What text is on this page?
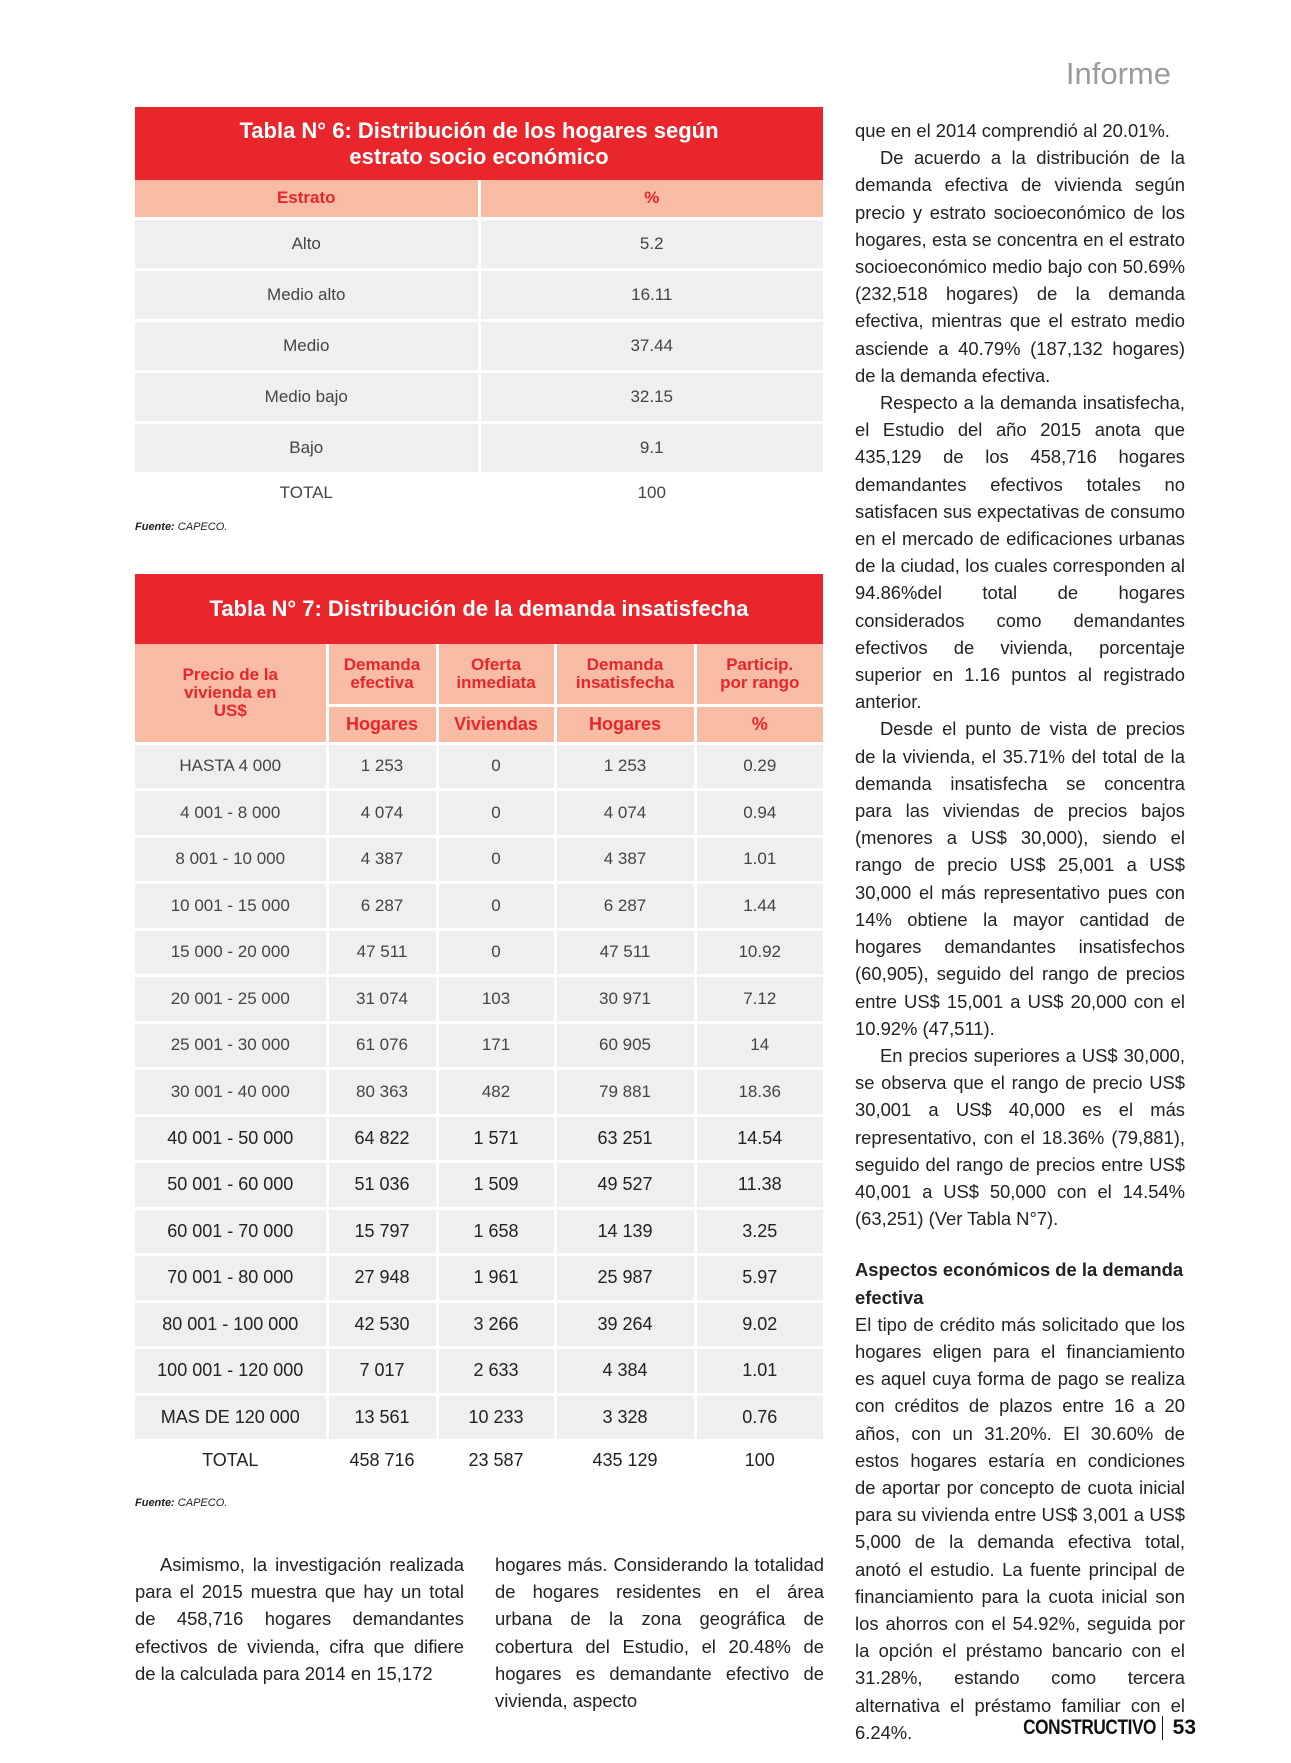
Informe
Tabla N° 6: Distribución de los hogares según
estrato socio económico
Estrato	%
Alto	5.2
Medio alto	16.11
Medio	37.44
Medio bajo	32.15
Bajo	9.1
TOTAL	100
Fuente: CAPECO.
Tabla N° 7: Distribución de la demanda insatisfecha
Precio de la vivienda en US$	Demanda efectiva	Oferta inmediata	Demanda insatisfecha	Particip. por rango
	Hogares	Viviendas	Hogares	%
HASTA 4 000	1 253	0	1 253	0.29
4 001 - 8 000	4 074	0	4 074	0.94
8 001 - 10 000	4 387	0	4 387	1.01
10 001 - 15 000	6 287	0	6 287	1.44
15 000 - 20 000	47 511	0	47 511	10.92
20 001 - 25 000	31 074	103	30 971	7.12
25 001 - 30 000	61 076	171	60 905	14
30 001 - 40 000	80 363	482	79 881	18.36
40 001 - 50 000	64 822	1 571	63 251	14.54
50 001 - 60 000	51 036	1 509	49 527	11.38
60 001 - 70 000	15 797	1 658	14 139	3.25
70 001 - 80 000	27 948	1 961	25 987	5.97
80 001 - 100 000	42 530	3 266	39 264	9.02
100 001 - 120 000	7 017	2 633	4 384	1.01
MAS DE 120 000	13 561	10 233	3 328	0.76
TOTAL	458 716	23 587	435 129	100
Fuente: CAPECO.

Asimismo, la investigación realizada para el 2015 muestra que hay un total de 458,716 hogares demandantes efectivos de vivienda, cifra que difiere de la calculada para 2014 en 15,172

hogares más. Considerando la totalidad de hogares residentes en el área urbana de la zona geográfica de cobertura del Estudio, el 20.48% de hogares es demandante efectivo de vivienda, aspecto

que en el 2014 comprendió al 20.01%.

De acuerdo a la distribución de la demanda efectiva de vivienda según precio y estrato socioeconómico de los hogares, esta se concentra en el estrato socioeconómico medio bajo con 50.69% (232,518 hogares) de la demanda efectiva, mientras que el estrato medio asciende a 40.79% (187,132 hogares) de la demanda efectiva.

Respecto a la demanda insatisfecha, el Estudio del año 2015 anota que 435,129 de los 458,716 hogares demandantes efectivos totales no satisfacen sus expectativas de consumo en el mercado de edificaciones urbanas de la ciudad, los cuales corresponden al 94.86%del total de hogares considerados como demandantes efectivos de vivienda, porcentaje superior en 1.16 puntos al registrado anterior.

Desde el punto de vista de precios de la vivienda, el 35.71% del total de la demanda insatisfecha se concentra para las viviendas de precios bajos (menores a US$ 30,000), siendo el rango de precio US$ 25,001 a US$ 30,000 el más representativo pues con 14% obtiene la mayor cantidad de hogares demandantes insatisfechos (60,905), seguido del rango de precios entre US$ 15,001 a US$ 20,000 con el 10.92% (47,511).

En precios superiores a US$ 30,000, se observa que el rango de precio US$ 30,001 a US$ 40,000 es el más representativo, con el 18.36% (79,881), seguido del rango de precios entre US$ 40,001 a US$ 50,000 con el 14.54% (63,251) (Ver Tabla N°7).

Aspectos económicos de la demanda efectiva

El tipo de crédito más solicitado que los hogares eligen para el financiamiento es aquel cuya forma de pago se realiza con créditos de plazos entre 16 a 20 años, con un 31.20%. El 30.60% de estos hogares estaría en condiciones de aportar por concepto de cuota inicial para su vivienda entre US$ 3,001 a US$ 5,000 de la demanda efectiva total, anotó el estudio. La fuente principal de financiamiento para la cuota inicial son los ahorros con el 54.92%, seguida por la opción el préstamo bancario con el 31.28%, estando como tercera alternativa el préstamo familiar con el 6.24%.	CONSTRUCTIVO 53
